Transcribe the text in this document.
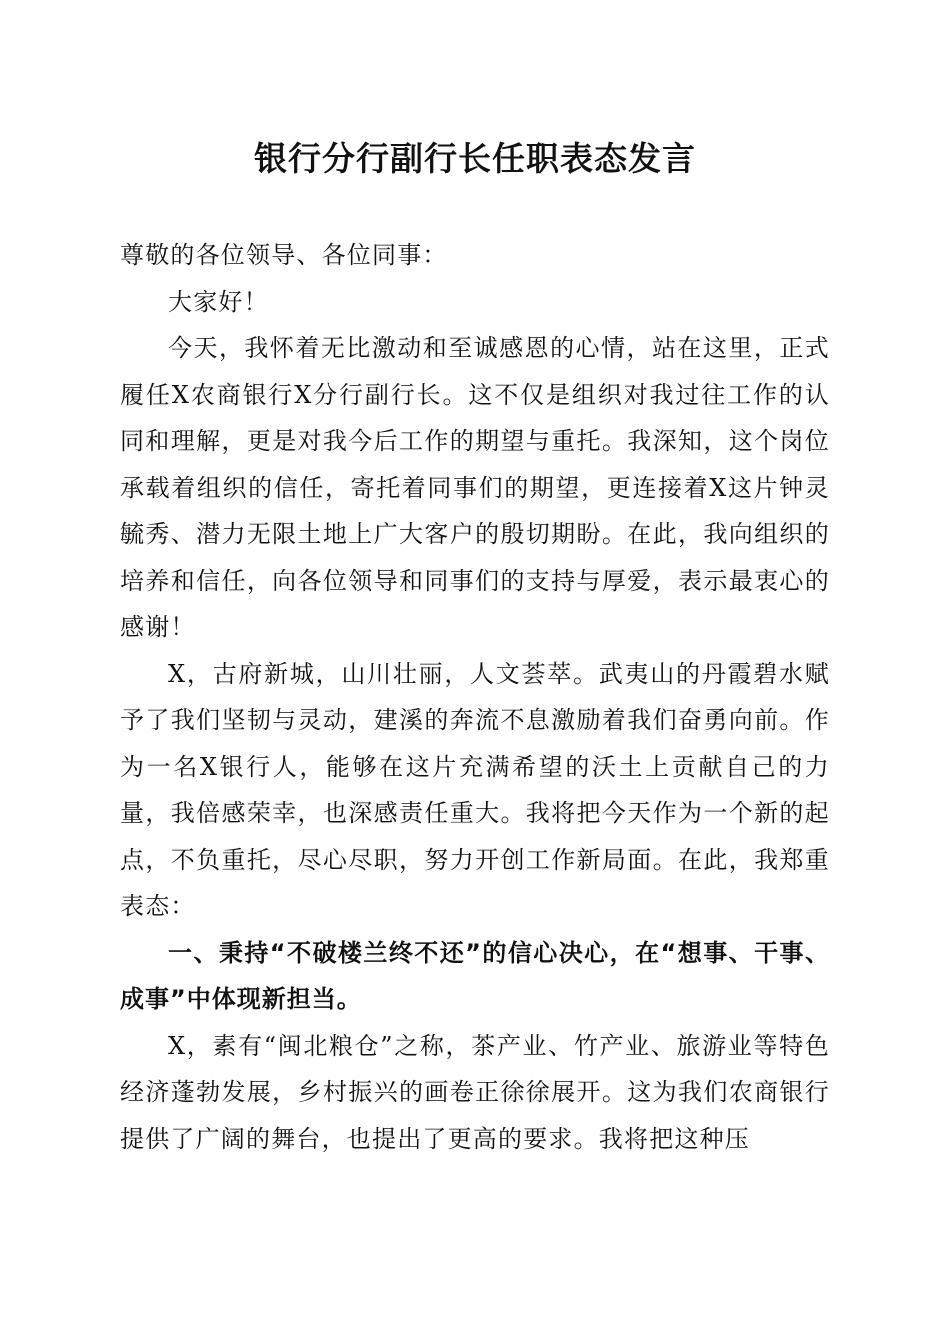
银行分行副行长任职表态发言

尊敬的各位领导、各位同事：

大家好！

今天，我怀着无比激动和至诚感恩的心情，站在这里，正式履任X农商银行X分行副行长。这不仅是组织对我过往工作的认同和理解，更是对我今后工作的期望与重托。我深知，这个岗位承载着组织的信任，寄托着同事们的期望，更连接着X这片钟灵毓秀、潜力无限土地上广大客户的殷切期盼。在此，我向组织的培养和信任，向各位领导和同事们的支持与厚爱，表示最衷心的感谢！

X，古府新城，山川壮丽，人文荟萃。武夷山的丹霞碧水赋予了我们坚韧与灵动，建溪的奔流不息激励着我们奋勇向前。作为一名X银行人，能够在这片充满希望的沃土上贡献自己的力量，我倍感荣幸，也深感责任重大。我将把今天作为一个新的起点，不负重托，尽心尽职，努力开创工作新局面。在此，我郑重表态：

一、秉持“不破楼兰终不还”的信心决心，在“想事、干事、成事”中体现新担当。

X，素有“闽北粮仓”之称，茶产业、竹产业、旅游业等特色经济蓬勃发展，乡村振兴的画卷正徐徐展开。这为我们农商银行提供了广阔的舞台，也提出了更高的要求。我将把这种压
